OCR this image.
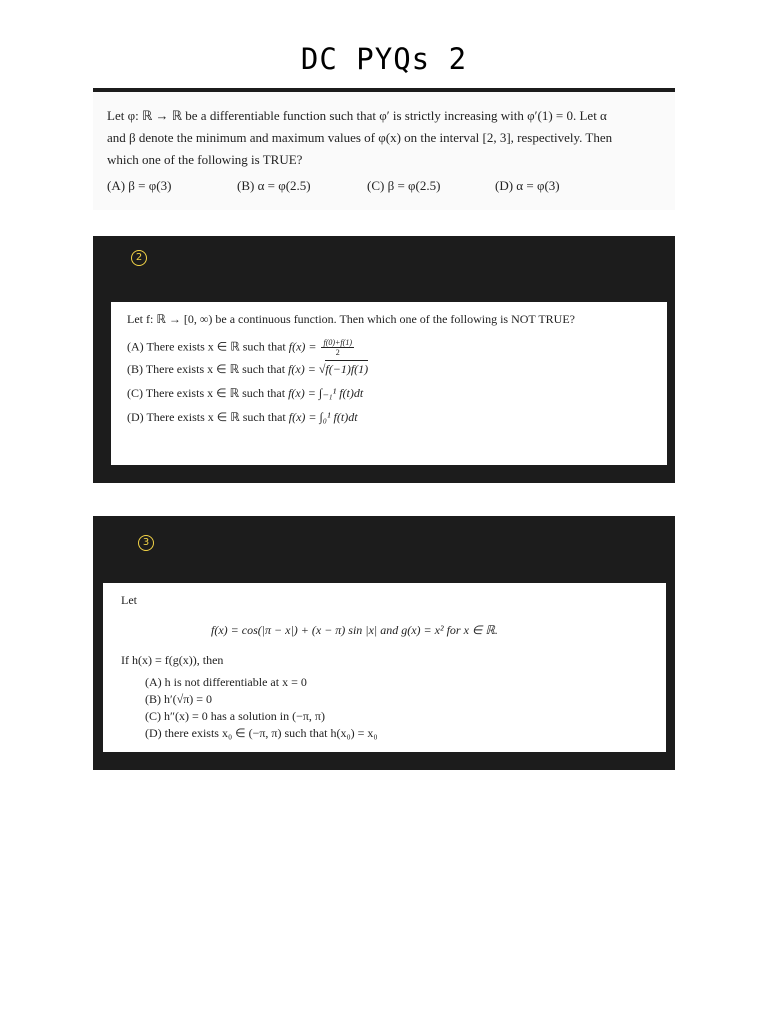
DC PYQs 2
Let φ: ℝ → ℝ be a differentiable function such that φ′ is strictly increasing with φ′(1) = 0. Let α
and β denote the minimum and maximum values of φ(x) on the interval [2, 3], respectively. Then
which one of the following is TRUE?
(A) β = φ(3)	(B) α = φ(2.5)	(C) β = φ(2.5)	(D) α = φ(3)
2
Let f: ℝ → [0, ∞) be a continuous function. Then which one of the following is NOT TRUE?
(A) There exists x ∈ ℝ such that $f(x) = \frac{f(0)+f(1)}{2}$
(B) There exists x ∈ ℝ such that f(x) = √f(−1)f(1)
(C) There exists x ∈ ℝ such that f(x) = ∫₋₁¹ f(t)dt
(D) There exists x ∈ ℝ such that f(x) = ∫₀¹ f(t)dt
3
Let
f(x) = cos(|π − x|) + (x − π) sin |x| and g(x) = x² for x ∈ ℝ.
If h(x) = f(g(x)), then
(A) h is not differentiable at x = 0
(B) h′(√π) = 0
(C) h″(x) = 0 has a solution in (−π, π)
(D) there exists x₀ ∈ (−π, π) such that h(x₀) = x₀
